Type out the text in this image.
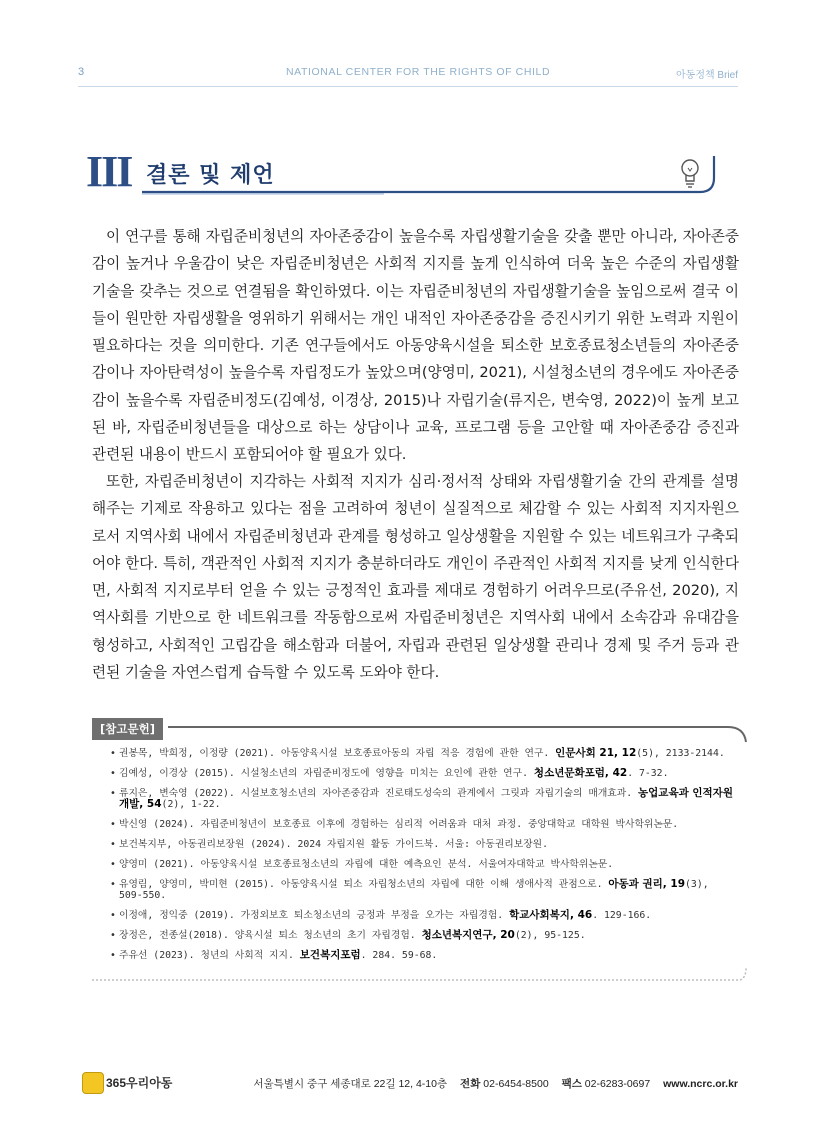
3	NATIONAL CENTER FOR THE RIGHTS OF CHILD	아동정책 Brief
III 결론 및 제언

이 연구를 통해 자립준비청년의 자아존중감이 높을수록 자립생활기술을 갖출 뿐만 아니라, 자아존중감이 높거나 우울감이 낮은 자립준비청년은 사회적 지지를 높게 인식하여 더욱 높은 수준의 자립생활기술을 갖추는 것으로 연결됨을 확인하였다. 이는 자립준비청년의 자립생활기술을 높임으로써 결국 이들이 원만한 자립생활을 영위하기 위해서는 개인 내적인 자아존중감을 증진시키기 위한 노력과 지원이 필요하다는 것을 의미한다. 기존 연구들에서도 아동양육시설을 퇴소한 보호종료청소년들의 자아존중감이나 자아탄력성이 높을수록 자립정도가 높았으며(양영미, 2021), 시설청소년의 경우에도 자아존중감이 높을수록 자립준비정도(김예성, 이경상, 2015)나 자립기술(류지은, 변숙영, 2022)이 높게 보고된 바, 자립준비청년들을 대상으로 하는 상담이나 교육, 프로그램 등을 고안할 때 자아존중감 증진과 관련된 내용이 반드시 포함되어야 할 필요가 있다.

또한, 자립준비청년이 지각하는 사회적 지지가 심리·정서적 상태와 자립생활기술 간의 관계를 설명해주는 기제로 작용하고 있다는 점을 고려하여 청년이 실질적으로 체감할 수 있는 사회적 지지자원으로서 지역사회 내에서 자립준비청년과 관계를 형성하고 일상생활을 지원할 수 있는 네트워크가 구축되어야 한다. 특히, 객관적인 사회적 지지가 충분하더라도 개인이 주관적인 사회적 지지를 낮게 인식한다면, 사회적 지지로부터 얻을 수 있는 긍정적인 효과를 제대로 경험하기 어려우므로(주유선, 2020), 지역사회를 기반으로 한 네트워크를 작동함으로써 자립준비청년은 지역사회 내에서 소속감과 유대감을 형성하고, 사회적인 고립감을 해소함과 더불어, 자립과 관련된 일상생활 관리나 경제 및 주거 등과 관련된 기술을 자연스럽게 습득할 수 있도록 도와야 한다.

[참고문헌]
• 권봉목, 박희정, 이정량 (2021). 아동양육시설 보호종료아동의 자립 적응 경험에 관한 연구. 인문사회 21, 12(5), 2133-2144.
• 김예성, 이경상 (2015). 시설청소년의 자립준비정도에 영향을 미치는 요인에 관한 연구. 청소년문화포럼, 42. 7-32.
• 류지은, 변숙영 (2022). 시설보호청소년의 자아존중감과 진로태도성숙의 관계에서 그릿과 자립기술의 매개효과. 농업교육과 인적자원개발, 54(2), 1-22.
• 박신영 (2024). 자립준비청년이 보호종료 이후에 경험하는 심리적 어려움과 대처 과정. 중앙대학교 대학원 박사학위논문.
• 보건복지부, 아동권리보장원 (2024). 2024 자립지원 활동 가이드북. 서울: 아동권리보장원.
• 양영미 (2021). 아동양육시설 보호종료청소년의 자립에 대한 예측요인 분석. 서울여자대학교 박사학위논문.
• 유영림, 양영미, 박미현 (2015). 아동양육시설 퇴소 자립청소년의 자립에 대한 이해 생애사적 관점으로. 아동과 권리, 19(3), 509-550.
• 이정애, 정익중 (2019). 가정외보호 퇴소청소년의 긍정과 부정을 오가는 자립경험. 학교사회복지, 46. 129-166.
• 장정은, 전종설(2018). 양육시설 퇴소 청소년의 초기 자립경험. 청소년복지연구, 20(2), 95-125.
• 주유선 (2023). 청년의 사회적 지지. 보건복지포럼. 284. 59-68.
365우리아동	서울특별시 중구 세종대로 22길 12, 4-10층 전화 02-6454-8500 팩스 02-6283-0697 www.ncrc.or.kr
